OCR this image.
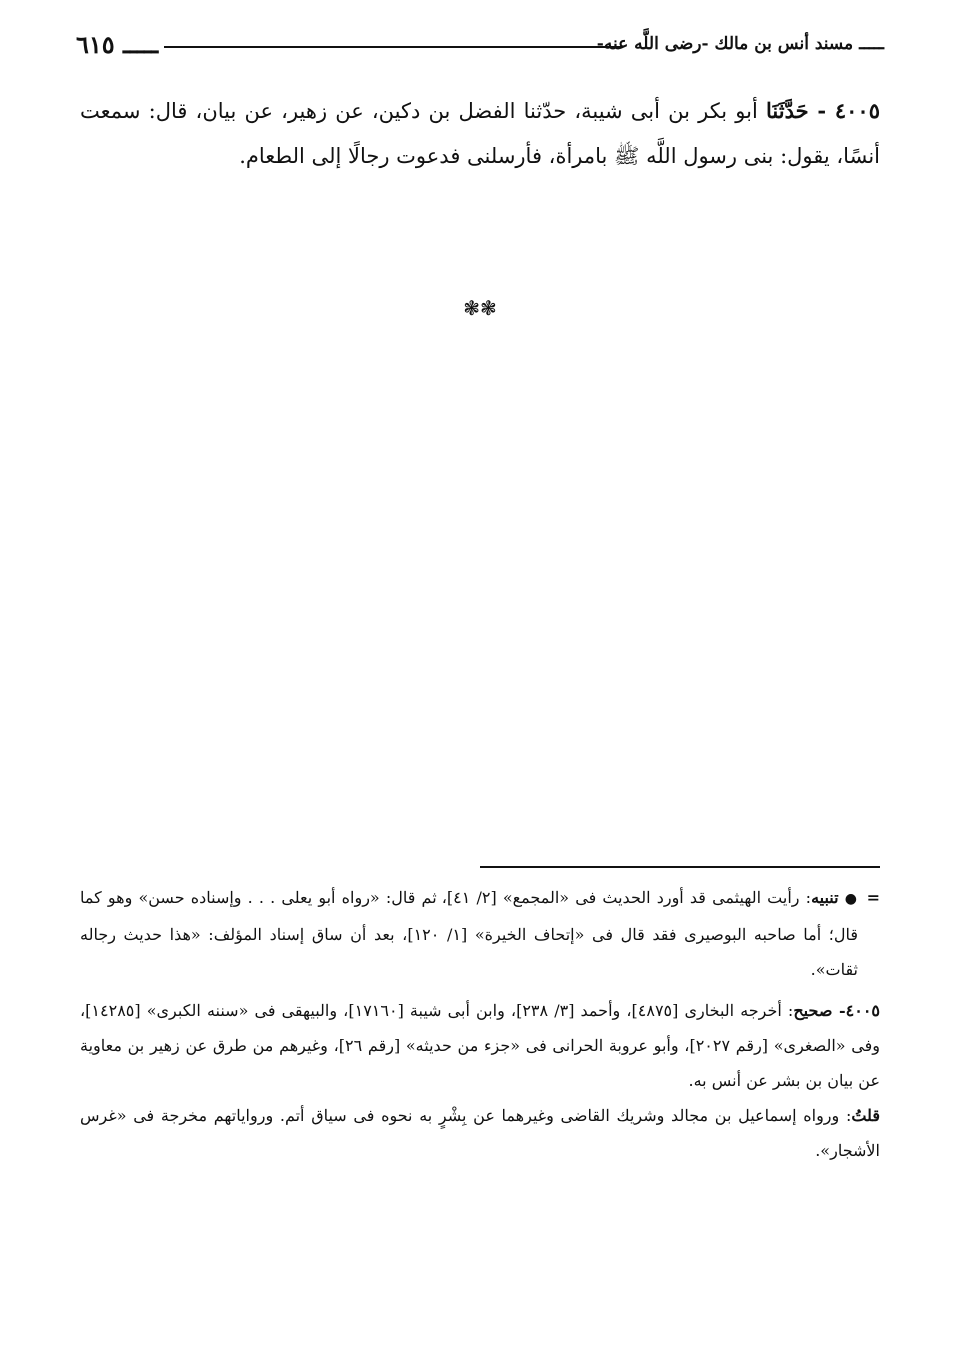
ـــــ مسند أنس بن مالك -رضى اللَّه عنه-
ـــــ ٦١٥
٤٠٠٥ - حَدَّثَنَا أبو بكر بن أبى شيبة، حدّثنا الفضل بن دكين، عن زهير، عن بيان، قال: سمعت أنسًا، يقول: بنى رسول اللَّه ﷺ بامرأة، فأرسلنى فدعوت رجالًا إلى الطعام.
❃❃
=
● تنبيه: رأيت الهيثمى قد أورد الحديث فى «المجمع» [٢/ ٤١]، ثم قال: «رواه أبو يعلى . . . وإسناده حسن» وهو كما قال؛ أما صاحبه البوصيرى فقد قال فى «إتحاف الخيرة» [١/ ١٢٠]، بعد أن ساق إسناد المؤلف: «هذا حديث رجاله ثقات».
٤٠٠٥- صحيح: أخرجه البخارى [٤٨٧٥]، وأحمد [٣/ ٢٣٨]، وابن أبى شيبة [١٧١٦٠]، والبيهقى فى «سننه الكبرى» [١٤٢٨٥]، وفى «الصغرى» [رقم ٢٠٢٧]، وأبو عروبة الحرانى فى «جزء من حديثه» [رقم ٢٦]، وغيرهم من طرق عن زهير بن معاوية عن بيان بن بشر عن أنس به.
قلتُ: ورواه إسماعيل بن مجالد وشريك القاضى وغيرهما عن بِشْرٍ به نحوه فى سياق أتم. وروایاتهم مخرجة فى «غرس الأشجار».
